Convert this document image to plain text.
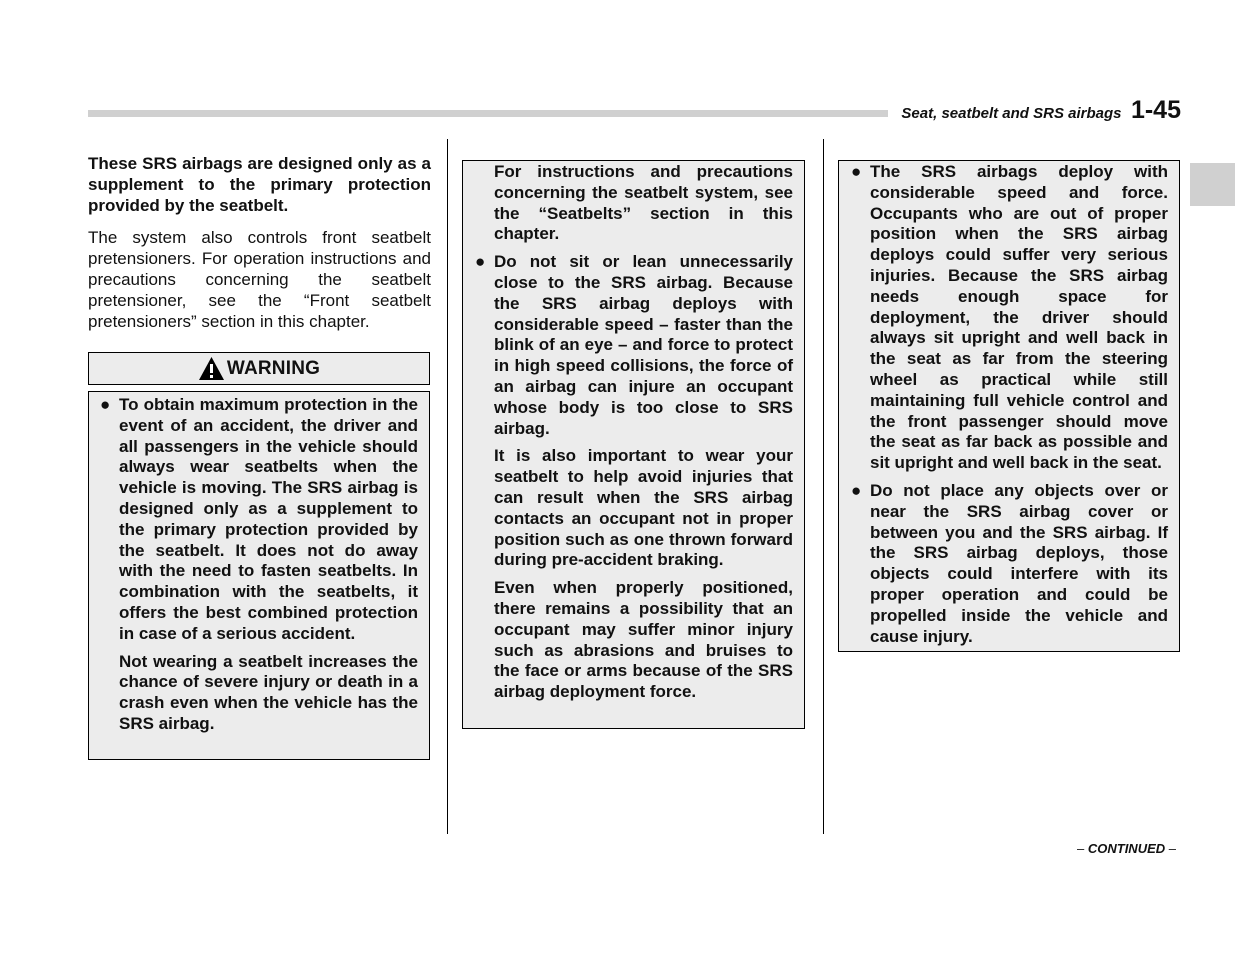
Seat, seatbelt and SRS airbags 1-45

These SRS airbags are designed only as a supplement to the primary protection provided by the seatbelt.

The system also controls front seatbelt pretensioners. For operation instructions and precautions concerning the seatbelt pretensioner, see the “Front seatbelt pretensioners” section in this chapter.

WARNING
● To obtain maximum protection in the event of an accident, the driver and all passengers in the vehicle should always wear seatbelts when the vehicle is moving. The SRS airbag is designed only as a supplement to the primary protection provided by the seatbelt. It does not do away with the need to fasten seatbelts. In combination with the seatbelts, it offers the best combined protection in case of a serious accident.

Not wearing a seatbelt increases the chance of severe injury or death in a crash even when the vehicle has the SRS airbag.

For instructions and precautions concerning the seatbelt system, see the “Seatbelts” section in this chapter.

● Do not sit or lean unnecessarily close to the SRS airbag. Because the SRS airbag deploys with considerable speed – faster than the blink of an eye – and force to protect in high speed collisions, the force of an airbag can injure an occupant whose body is too close to SRS airbag.

It is also important to wear your seatbelt to help avoid injuries that can result when the SRS airbag contacts an occupant not in proper position such as one thrown forward during pre-accident braking.

Even when properly positioned, there remains a possibility that an occupant may suffer minor injury such as abrasions and bruises to the face or arms because of the SRS airbag deployment force.

● The SRS airbags deploy with considerable speed and force. Occupants who are out of proper position when the SRS airbag deploys could suffer very serious injuries. Because the SRS airbag needs enough space for deployment, the driver should always sit upright and well back in the seat as far from the steering wheel as practical while still maintaining full vehicle control and the front passenger should move the seat as far back as possible and sit upright and well back in the seat.

● Do not place any objects over or near the SRS airbag cover or between you and the SRS airbag. If the SRS airbag deploys, those objects could interfere with its proper operation and could be propelled inside the vehicle and cause injury.

– CONTINUED –
